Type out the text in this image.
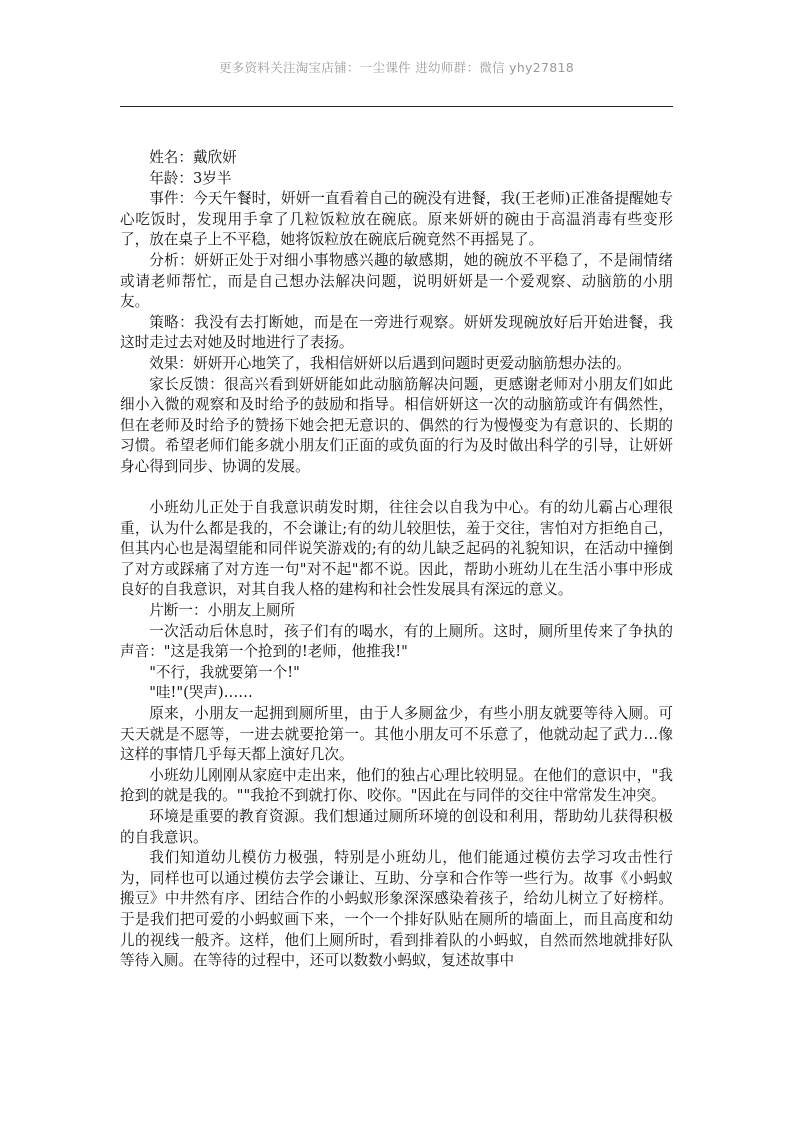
更多资料关注淘宝店铺：一尘课件 进幼师群：微信 yhy27818

姓名：戴欣妍

年龄：3岁半

事件：今天午餐时，妍妍一直看着自己的碗没有进餐，我(王老师)正准备提醒她专心吃饭时，发现用手拿了几粒饭粒放在碗底。原来妍妍的碗由于高温消毒有些变形了，放在桌子上不平稳，她将饭粒放在碗底后碗竟然不再摇晃了。

分析：妍妍正处于对细小事物感兴趣的敏感期，她的碗放不平稳了，不是闹情绪或请老师帮忙，而是自己想办法解决问题，说明妍妍是一个爱观察、动脑筋的小朋友。

策略：我没有去打断她，而是在一旁进行观察。妍妍发现碗放好后开始进餐，我这时走过去对她及时地进行了表扬。

效果：妍妍开心地笑了，我相信妍妍以后遇到问题时更爱动脑筋想办法的。

家长反馈：很高兴看到妍妍能如此动脑筋解决问题，更感谢老师对小朋友们如此细小入微的观察和及时给予的鼓励和指导。相信妍妍这一次的动脑筋或许有偶然性，但在老师及时给予的赞扬下她会把无意识的、偶然的行为慢慢变为有意识的、长期的习惯。希望老师们能多就小朋友们正面的或负面的行为及时做出科学的引导，让妍妍身心得到同步、协调的发展。

小班幼儿正处于自我意识萌发时期，往往会以自我为中心。有的幼儿霸占心理很重，认为什么都是我的，不会谦让;有的幼儿较胆怯，羞于交往，害怕对方拒绝自己，但其内心也是渴望能和同伴说笑游戏的;有的幼儿缺乏起码的礼貌知识，在活动中撞倒了对方或踩痛了对方连一句"对不起"都不说。因此，帮助小班幼儿在生活小事中形成良好的自我意识，对其自我人格的建构和社会性发展具有深远的意义。

片断一：小朋友上厕所

一次活动后休息时，孩子们有的喝水，有的上厕所。这时，厕所里传来了争执的声音："这是我第一个抢到的!老师，他推我!"

"不行，我就要第一个!"

"哇!"(哭声)……

原来，小朋友一起拥到厕所里，由于人多厕盆少，有些小朋友就要等待入厕。可天天就是不愿等，一进去就要抢第一。其他小朋友可不乐意了，他就动起了武力…像这样的事情几乎每天都上演好几次。

小班幼儿刚刚从家庭中走出来，他们的独占心理比较明显。在他们的意识中，"我抢到的就是我的。""我抢不到就打你、咬你。"因此在与同伴的交往中常常发生冲突。

环境是重要的教育资源。我们想通过厕所环境的创设和利用，帮助幼儿获得积极的自我意识。

我们知道幼儿模仿力极强，特别是小班幼儿，他们能通过模仿去学习攻击性行为，同样也可以通过模仿去学会谦让、互助、分享和合作等一些行为。故事《小蚂蚁搬豆》中井然有序、团结合作的小蚂蚁形象深深感染着孩子，给幼儿树立了好榜样。于是我们把可爱的小蚂蚁画下来，一个一个排好队贴在厕所的墙面上，而且高度和幼儿的视线一般齐。这样，他们上厕所时，看到排着队的小蚂蚁，自然而然地就排好队等待入厕。在等待的过程中，还可以数数小蚂蚁，复述故事中
